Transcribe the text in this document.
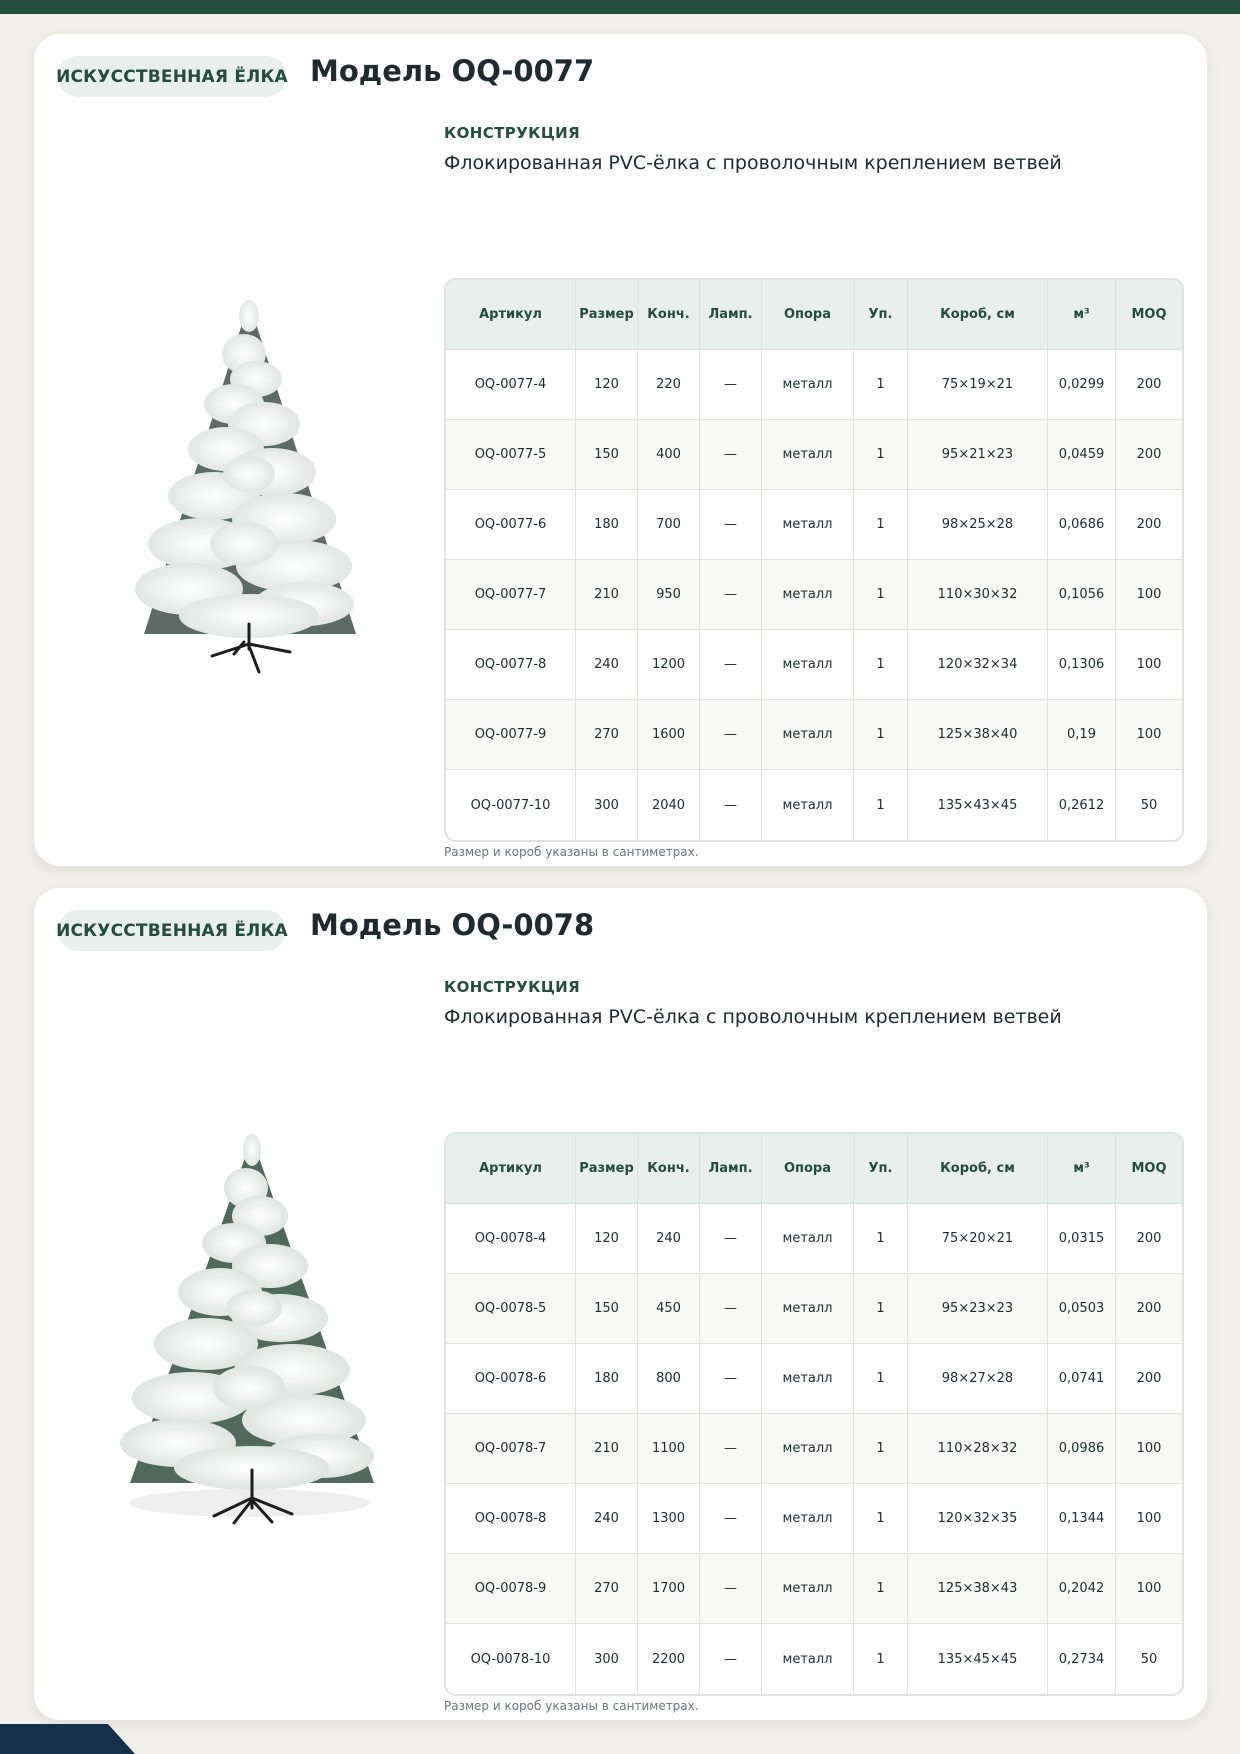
ИСКУССТВЕННАЯ ЁЛКА Модель OQ-0077
КОНСТРУКЦИЯ
Флокированная PVC-ёлка с проволочным креплением ветвей
Артикул	Размер	Конч.	Ламп.	Опора	Уп.	Короб, см	м³	MOQ
OQ-0077-4	120	220	—	металл	1	75×19×21	0,0299	200
OQ-0077-5	150	400	—	металл	1	95×21×23	0,0459	200
OQ-0077-6	180	700	—	металл	1	98×25×28	0,0686	200
OQ-0077-7	210	950	—	металл	1	110×30×32	0,1056	100
OQ-0077-8	240	1200	—	металл	1	120×32×34	0,1306	100
OQ-0077-9	270	1600	—	металл	1	125×38×40	0,19	100
OQ-0077-10	300	2040	—	металл	1	135×43×45	0,2612	50
Размер и короб указаны в сантиметрах.
ИСКУССТВЕННАЯ ЁЛКА Модель OQ-0078
КОНСТРУКЦИЯ
Флокированная PVC-ёлка с проволочным креплением ветвей
Артикул	Размер	Конч.	Ламп.	Опора	Уп.	Короб, см	м³	MOQ
OQ-0078-4	120	240	—	металл	1	75×20×21	0,0315	200
OQ-0078-5	150	450	—	металл	1	95×23×23	0,0503	200
OQ-0078-6	180	800	—	металл	1	98×27×28	0,0741	200
OQ-0078-7	210	1100	—	металл	1	110×28×32	0,0986	100
OQ-0078-8	240	1300	—	металл	1	120×32×35	0,1344	100
OQ-0078-9	270	1700	—	металл	1	125×38×43	0,2042	100
OQ-0078-10	300	2200	—	металл	1	135×45×45	0,2734	50
Размер и короб указаны в сантиметрах.
